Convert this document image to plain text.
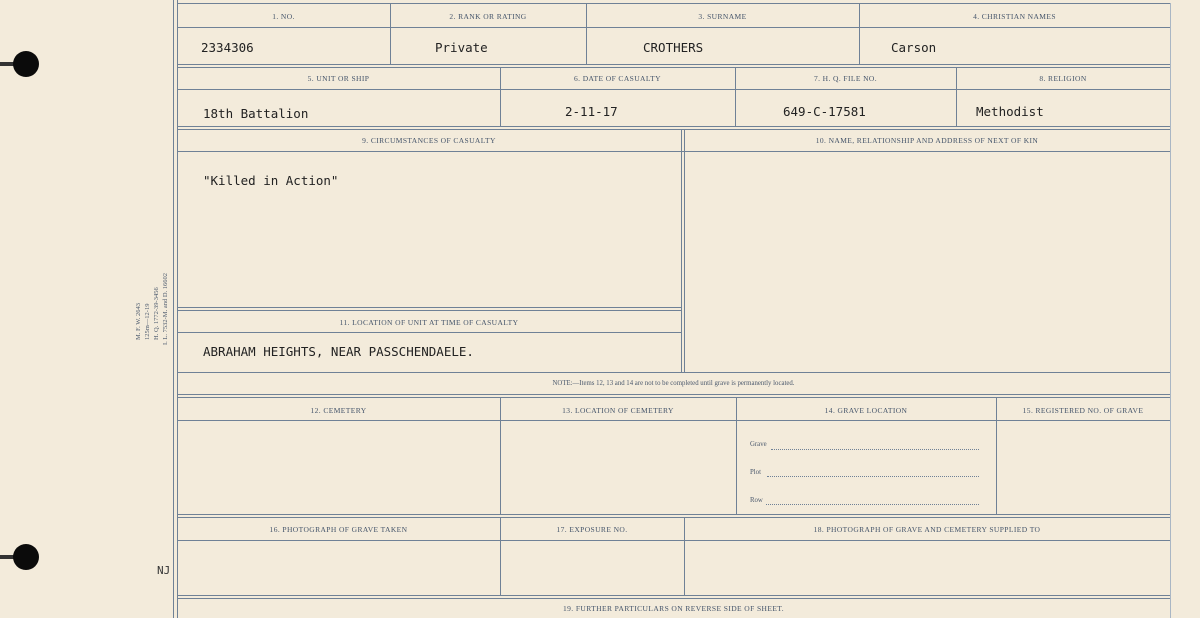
M. F. W. 2643 125m—12-19 H. Q. 1772-39-3456 I. L. 7532-M. and D. 16602
NJ
1. NO.	2. RANK OR RATING	3. SURNAME	4. CHRISTIAN NAMES
2334306	Private	CROTHERS	Carson
5. UNIT OR SHIP	6. DATE OF CASUALTY	7. H. Q. FILE NO.	8. RELIGION
18th Battalion	2-11-17	649-C-17581	Methodist
9. CIRCUMSTANCES OF CASUALTY	10. NAME, RELATIONSHIP AND ADDRESS OF NEXT OF KIN
"Killed in Action"
11. LOCATION OF UNIT AT TIME OF CASUALTY
ABRAHAM HEIGHTS, NEAR PASSCHENDAELE.
NOTE:—Items 12, 13 and 14 are not to be completed until grave is permanently located.
12. CEMETERY	13. LOCATION OF CEMETERY	14. GRAVE LOCATION	15. REGISTERED NO. OF GRAVE
Grave
Plot
Row
16. PHOTOGRAPH OF GRAVE TAKEN	17. EXPOSURE NO.	18. PHOTOGRAPH OF GRAVE AND CEMETERY SUPPLIED TO
19. FURTHER PARTICULARS ON REVERSE SIDE OF SHEET.
